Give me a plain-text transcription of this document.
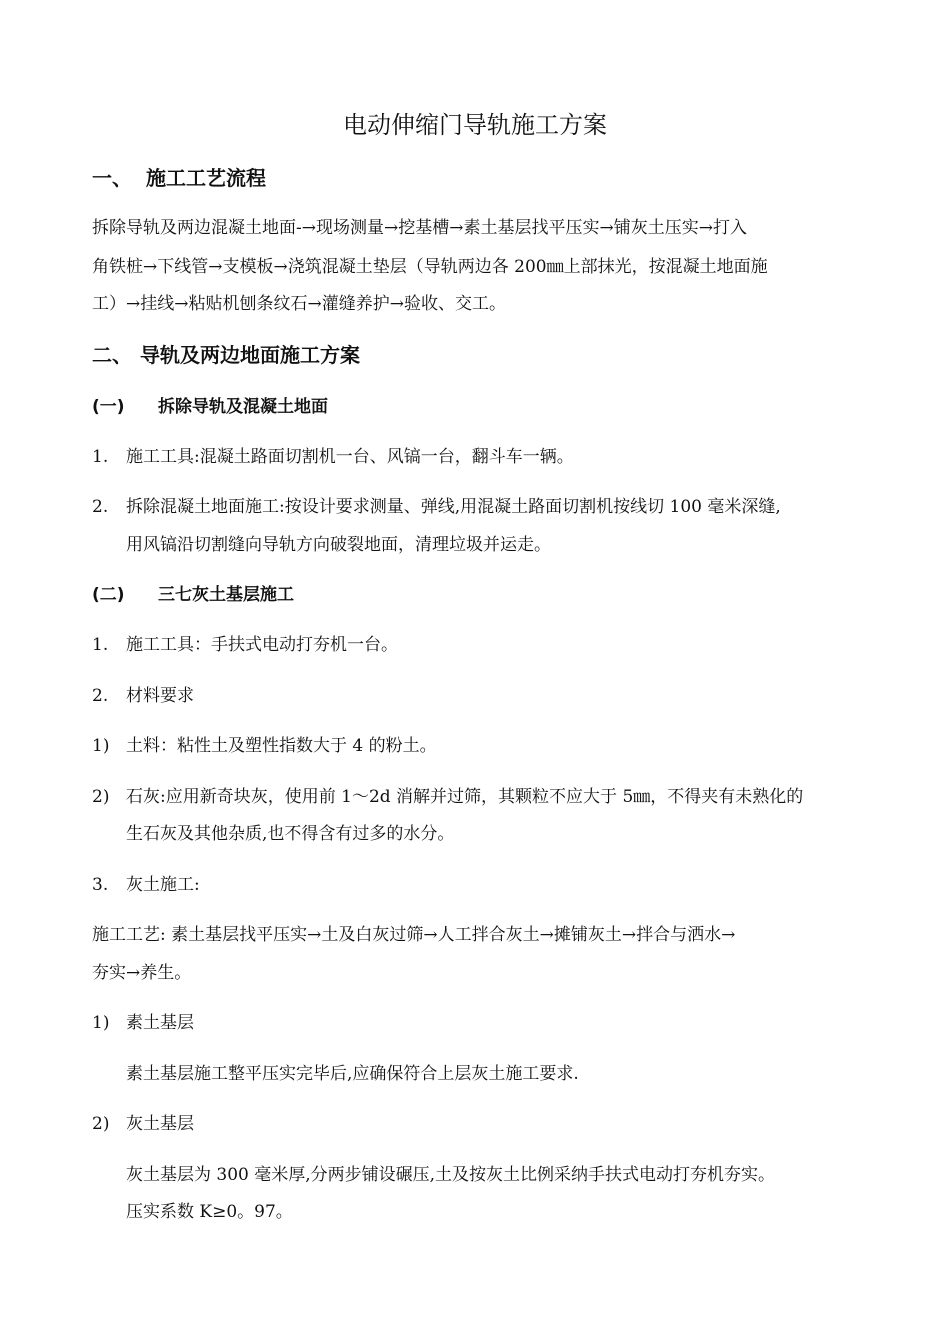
电动伸缩门导轨施工方案
一、 施工工艺流程
拆除导轨及两边混凝土地面-→现场测量→挖基槽→素土基层找平压实→铺灰土压实→打入
角铁桩→下线管→支模板→浇筑混凝土垫层（导轨两边各 200㎜上部抹光，按混凝土地面施
工）→挂线→粘贴机刨条纹石→灌缝养护→验收、交工。
二、 导轨及两边地面施工方案
(一) 拆除导轨及混凝土地面
1. 施工工具:混凝土路面切割机一台、风镐一台，翻斗车一辆。
2. 拆除混凝土地面施工:按设计要求测量、弹线,用混凝土路面切割机按线切 100 毫米深缝,
用风镐沿切割缝向导轨方向破裂地面，清理垃圾并运走。
(二) 三七灰土基层施工
1. 施工工具：手扶式电动打夯机一台。
2. 材料要求
1) 土料：粘性土及塑性指数大于 4 的粉土。
2) 石灰:应用新奇块灰，使用前 1～2d 消解并过筛，其颗粒不应大于 5㎜，不得夹有未熟化的
生石灰及其他杂质,也不得含有过多的水分。
3. 灰土施工:
施工工艺: 素土基层找平压实→土及白灰过筛→人工拌合灰土→摊铺灰土→拌合与洒水→
夯实→养生。
1) 素土基层
素土基层施工整平压实完毕后,应确保符合上层灰土施工要求.
2) 灰土基层
灰土基层为 300 毫米厚,分两步铺设碾压,土及按灰土比例采纳手扶式电动打夯机夯实。
压实系数 K≥0。97。
